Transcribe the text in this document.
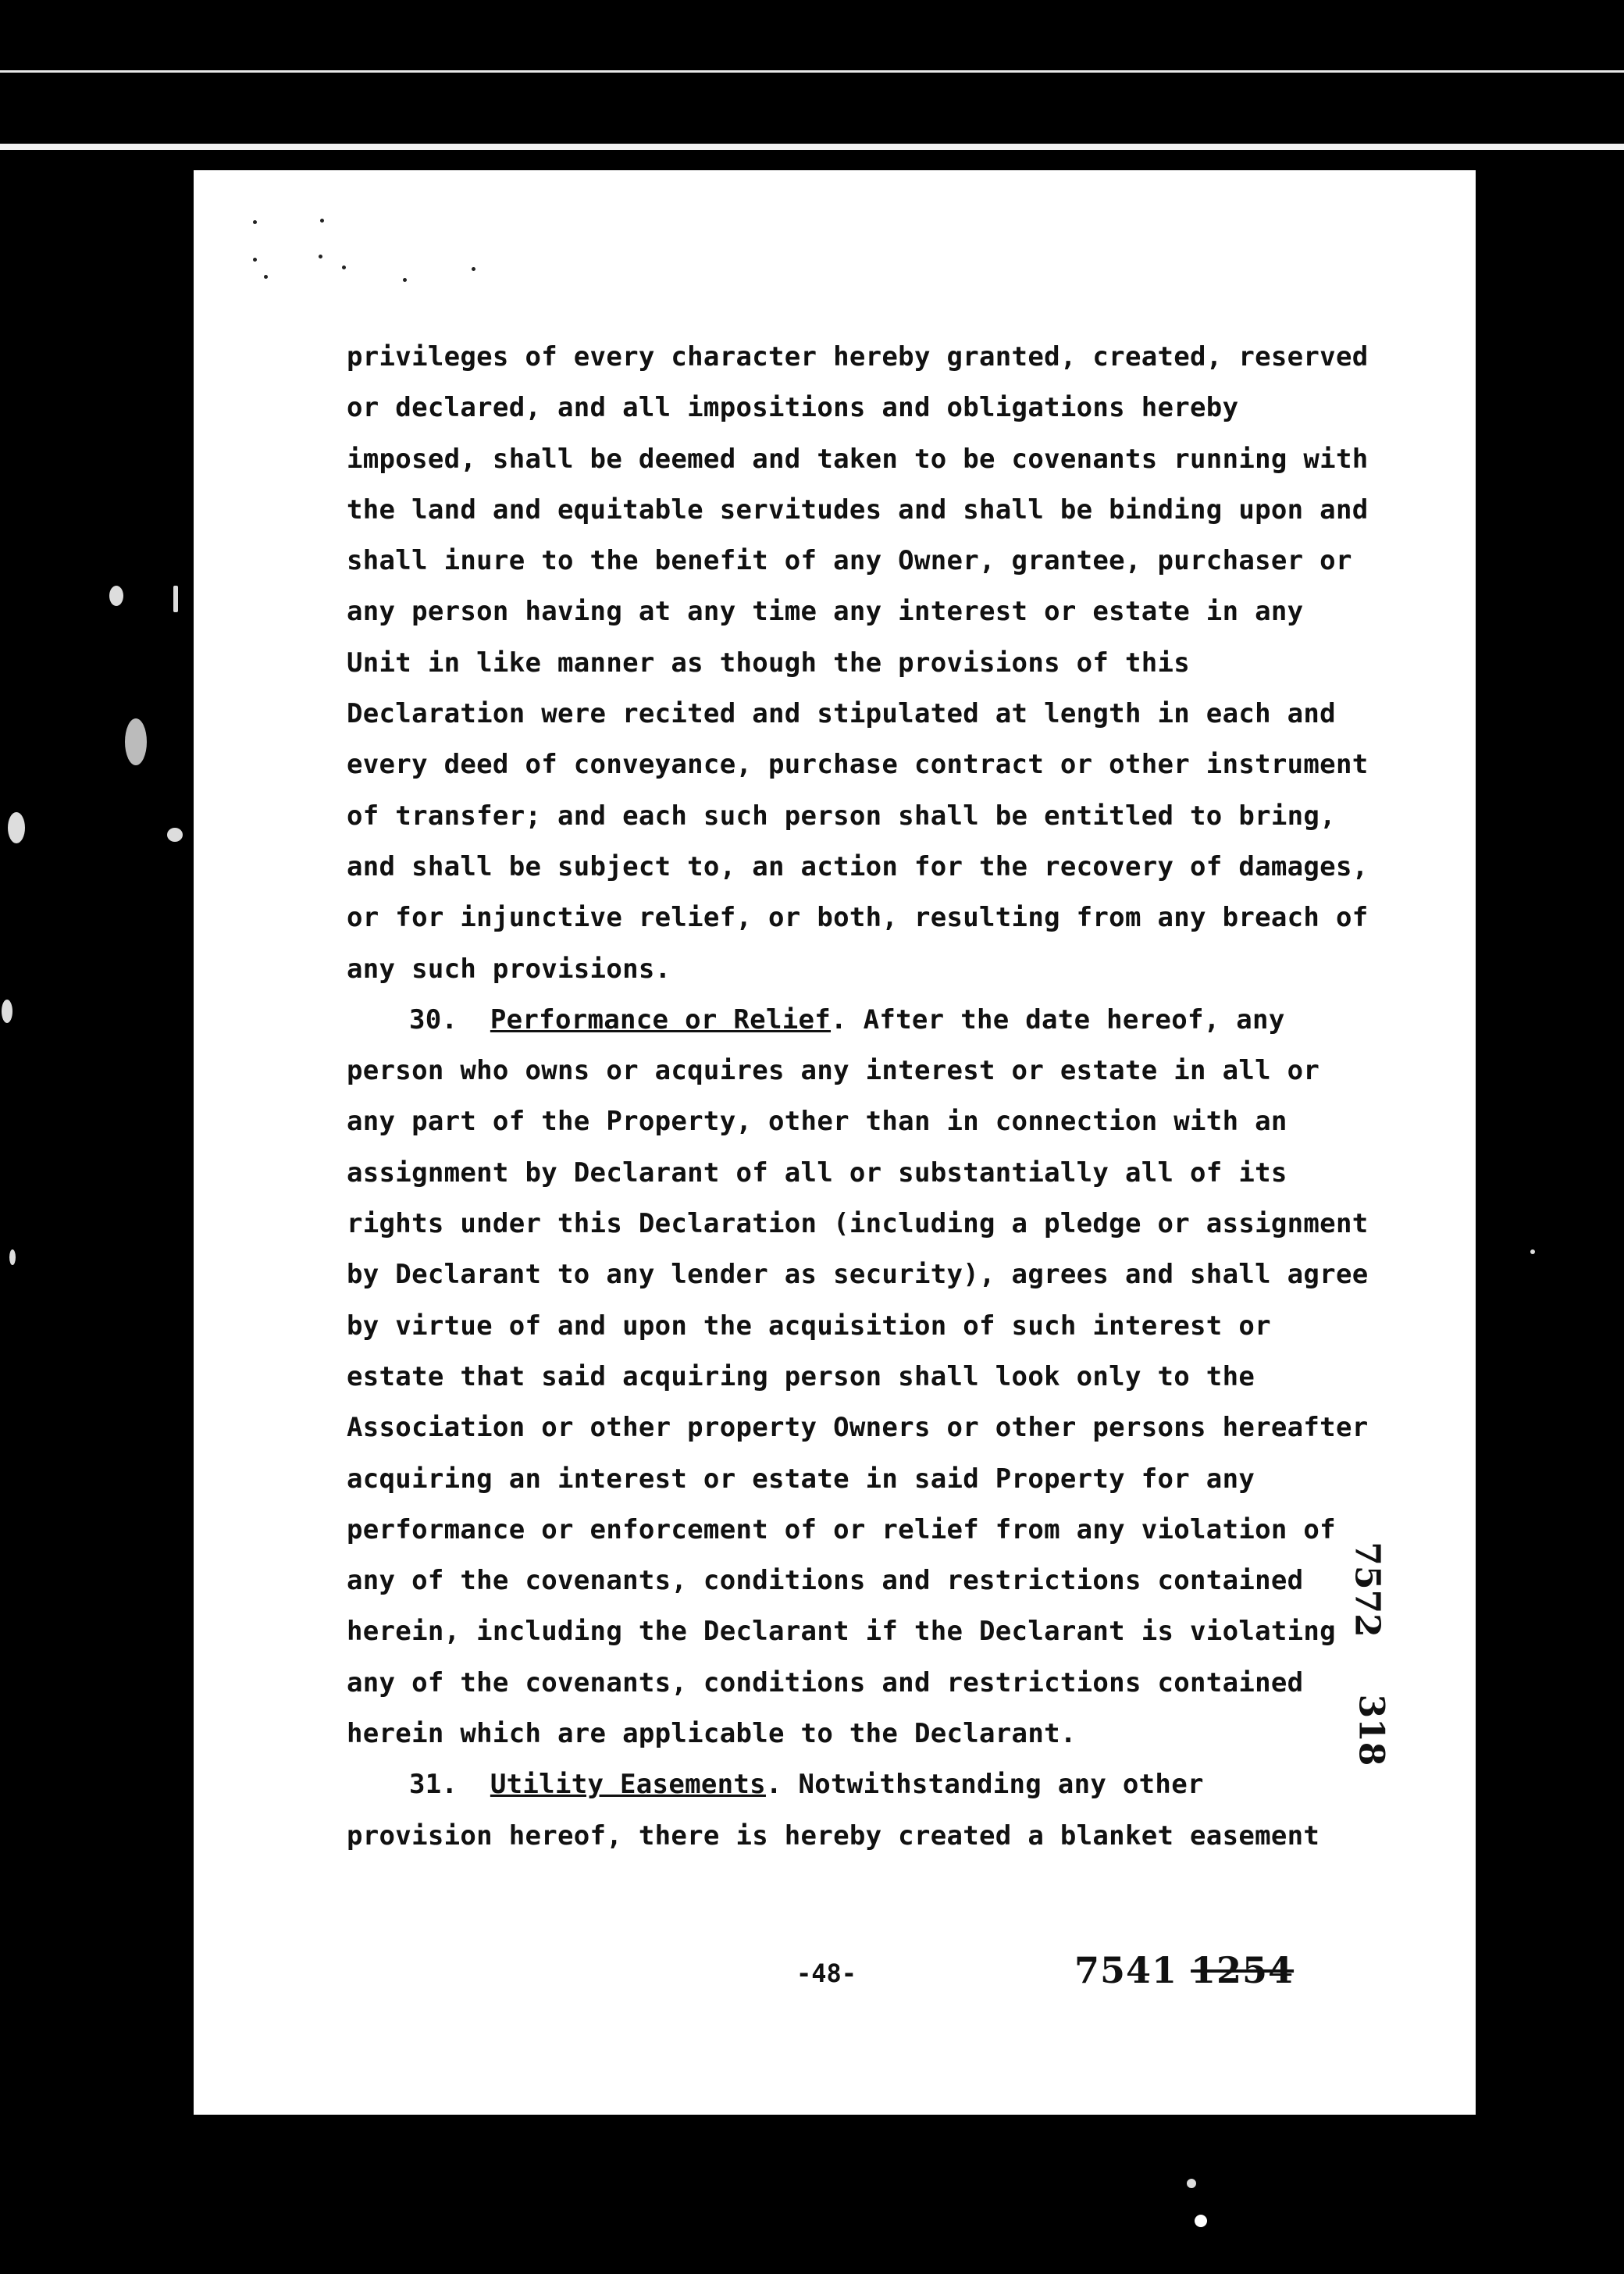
privileges of every character hereby granted, created, reserved
or declared, and all impositions and obligations hereby
imposed, shall be deemed and taken to be covenants running with
the land and equitable servitudes and shall be binding upon and
shall inure to the benefit of any Owner, grantee, purchaser or
any person having at any time any interest or estate in any
Unit in like manner as though the provisions of this
Declaration were recited and stipulated at length in each and
every deed of conveyance, purchase contract or other instrument
of transfer; and each such person shall be entitled to bring,
and shall be subject to, an action for the recovery of damages,
or for injunctive relief, or both, resulting from any breach of
any such provisions.
30. Performance or Relief. After the date hereof, any
person who owns or acquires any interest or estate in all or
any part of the Property, other than in connection with an
assignment by Declarant of all or substantially all of its
rights under this Declaration (including a pledge or assignment
by Declarant to any lender as security), agrees and shall agree
by virtue of and upon the acquisition of such interest or
estate that said acquiring person shall look only to the
Association or other property Owners or other persons hereafter
acquiring an interest or estate in said Property for any
performance or enforcement of or relief from any violation of
any of the covenants, conditions and restrictions contained
herein, including the Declarant if the Declarant is violating
any of the covenants, conditions and restrictions contained
herein which are applicable to the Declarant.
31. Utility Easements. Notwithstanding any other
provision hereof, there is hereby created a blanket easement
7572
318
-48-	7541 1254
